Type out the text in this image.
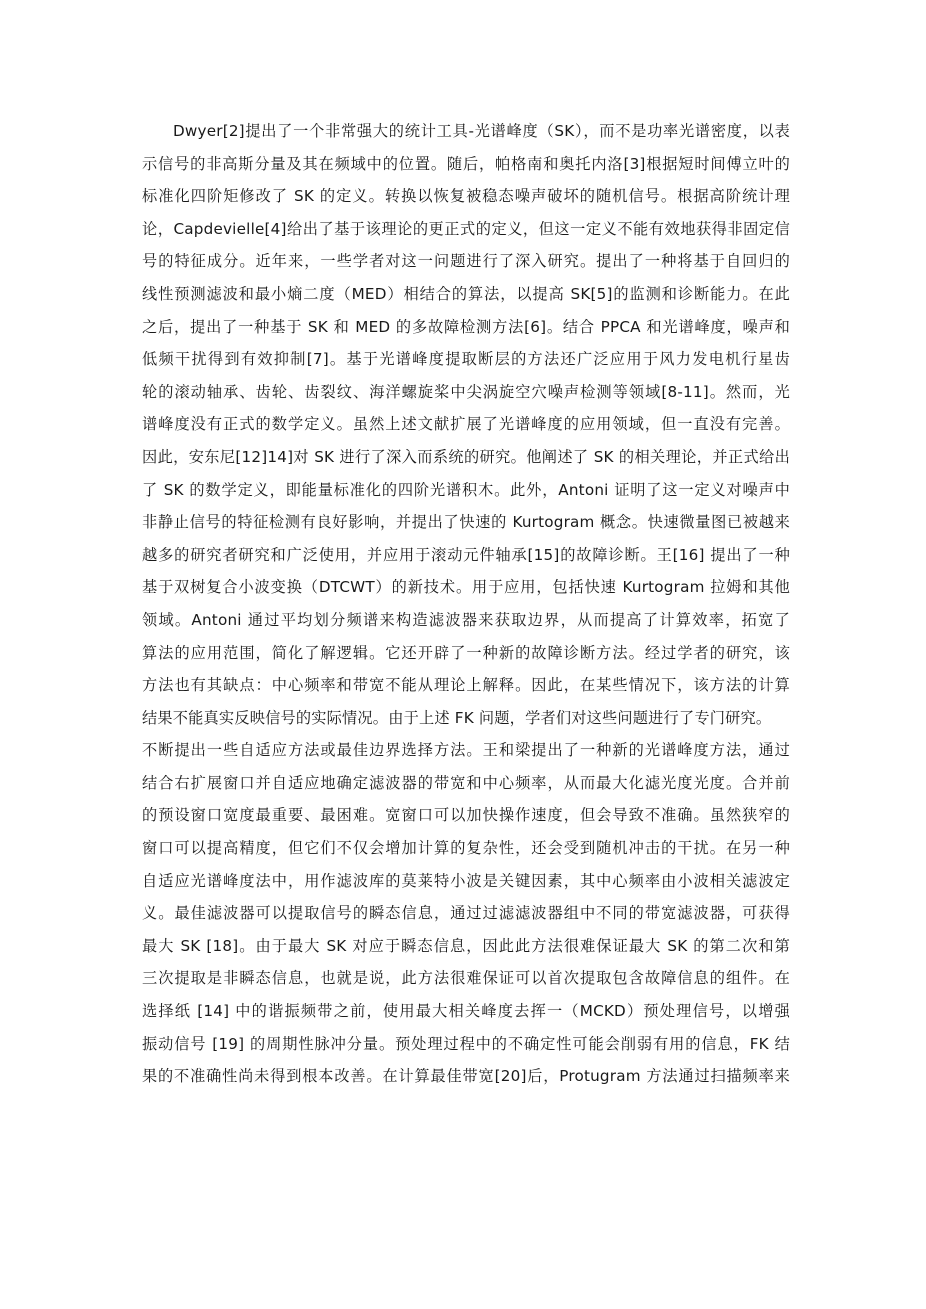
Dwyer[2]提出了一个非常强大的统计工具-光谱峰度（SK），而不是功率光谱密度，以表
示信号的非高斯分量及其在频域中的位置。随后，帕格南和奥托内洛[3]根据短时间傅立叶的
标准化四阶矩修改了 SK 的定义。转换以恢复被稳态噪声破坏的随机信号。根据高阶统计理
论，Capdevielle[4]给出了基于该理论的更正式的定义，但这一定义不能有效地获得非固定信
号的特征成分。近年来，一些学者对这一问题进行了深入研究。提出了一种将基于自回归的
线性预测滤波和最小熵二度（MED）相结合的算法，以提高 SK[5]的监测和诊断能力。在此
之后，提出了一种基于 SK 和 MED 的多故障检测方法[6]。结合 PPCA 和光谱峰度，噪声和
低频干扰得到有效抑制[7]。基于光谱峰度提取断层的方法还广泛应用于风力发电机行星齿
轮的滚动轴承、齿轮、齿裂纹、海洋螺旋桨中尖涡旋空穴噪声检测等领域[8-11]。然而，光
谱峰度没有正式的数学定义。虽然上述文献扩展了光谱峰度的应用领域，但一直没有完善。
因此，安东尼[12]14]对 SK 进行了深入而系统的研究。他阐述了 SK 的相关理论，并正式给出
了 SK 的数学定义，即能量标准化的四阶光谱积木。此外，Antoni 证明了这一定义对噪声中
非静止信号的特征检测有良好影响，并提出了快速的 Kurtogram 概念。快速微量图已被越来
越多的研究者研究和广泛使用，并应用于滚动元件轴承[15]的故障诊断。王[16] 提出了一种
基于双树复合小波变换（DTCWT）的新技术。用于应用，包括快速 Kurtogram 拉姆和其他
领域。Antoni 通过平均划分频谱来构造滤波器来获取边界，从而提高了计算效率，拓宽了
算法的应用范围，简化了解逻辑。它还开辟了一种新的故障诊断方法。经过学者的研究，该
方法也有其缺点：中心频率和带宽不能从理论上解释。因此，在某些情况下，该方法的计算
结果不能真实反映信号的实际情况。由于上述 FK 问题，学者们对这些问题进行了专门研究。
不断提出一些自适应方法或最佳边界选择方法。王和梁提出了一种新的光谱峰度方法，通过
结合右扩展窗口并自适应地确定滤波器的带宽和中心频率，从而最大化滤光度光度。合并前
的预设窗口宽度最重要、最困难。宽窗口可以加快操作速度，但会导致不准确。虽然狭窄的
窗口可以提高精度，但它们不仅会增加计算的复杂性，还会受到随机冲击的干扰。在另一种
自适应光谱峰度法中，用作滤波库的莫莱特小波是关键因素，其中心频率由小波相关滤波定
义。最佳滤波器可以提取信号的瞬态信息，通过过滤滤波器组中不同的带宽滤波器，可获得
最大 SK [18]。由于最大 SK 对应于瞬态信息，因此此方法很难保证最大 SK 的第二次和第
三次提取是非瞬态信息，也就是说，此方法很难保证可以首次提取包含故障信息的组件。在
选择纸 [14] 中的谐振频带之前，使用最大相关峰度去挥一（MCKD）预处理信号，以增强
振动信号 [19] 的周期性脉冲分量。预处理过程中的不确定性可能会削弱有用的信息，FK 结
果的不准确性尚未得到根本改善。在计算最佳带宽[20]后，Protugram 方法通过扫描频率来
